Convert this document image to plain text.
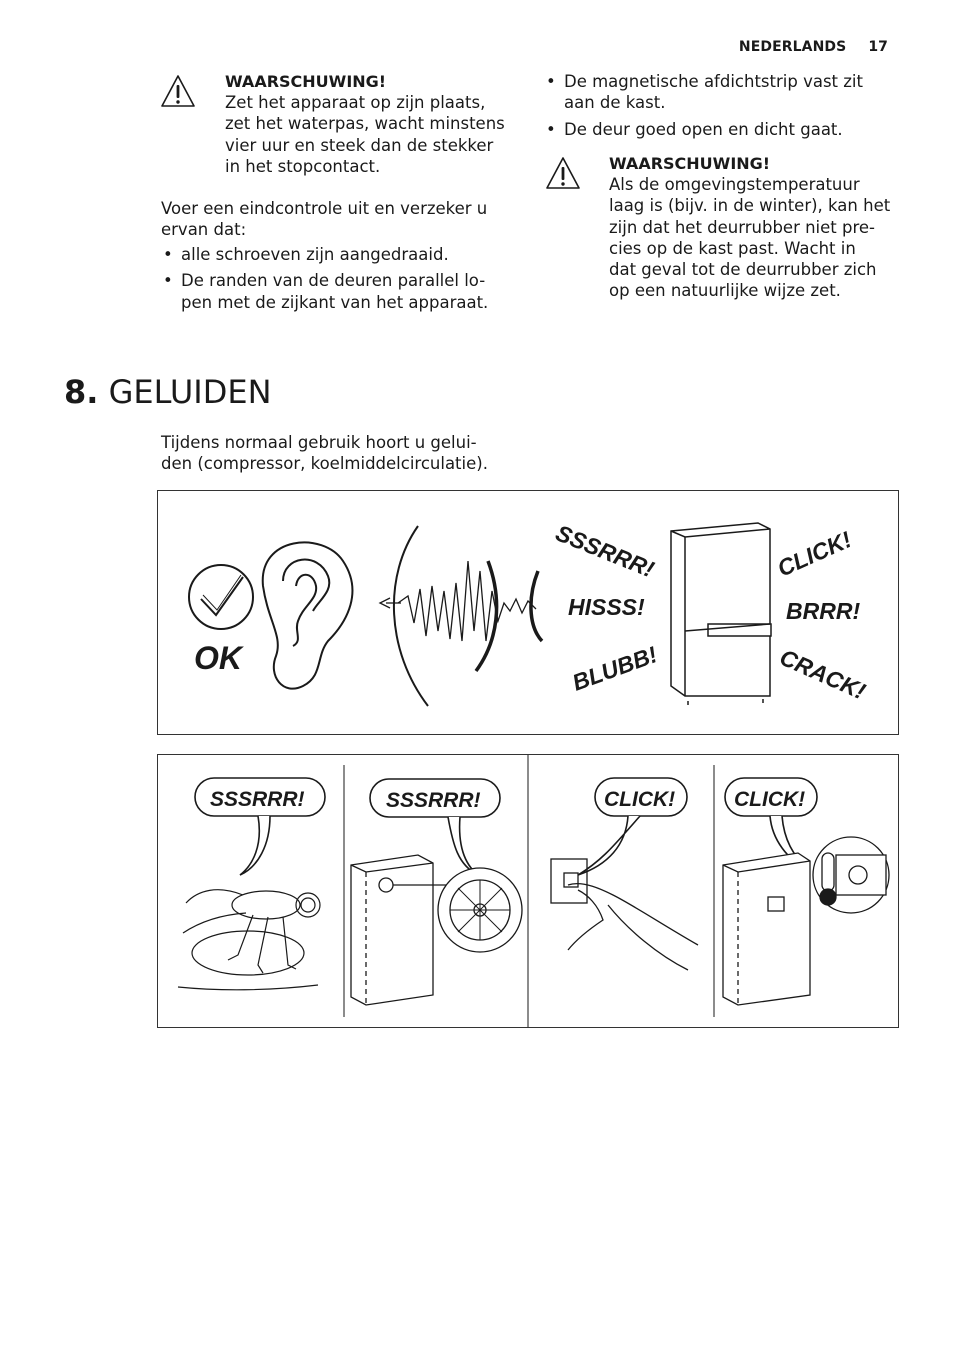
NEDERLANDS 17
WAARSCHUWING!
Zet het apparaat op zijn plaats,
zet het waterpas, wacht minstens
vier uur en steek dan de stekker
in het stopcontact.
Voer een eindcontrole uit en verzeker u
ervan dat:
• alle schroeven zijn aangedraaid.
• De randen van de deuren parallel lo-
pen met de zijkant van het apparaat.
• De magnetische afdichtstrip vast zit
aan de kast.
• De deur goed open en dicht gaat.
WAARSCHUWING!
Als de omgevingstemperatuur
laag is (bijv. in de winter), kan het
zijn dat het deurrubber niet pre-
cies op de kast past. Wacht in
dat geval tot de deurrubber zich
op een natuurlijke wijze zet.
8. GELUIDEN
Tijdens normaal gebruik hoort u gelui-
den (compressor, koelmiddelcirculatie).
OK
SSSRRR!
HISSS!
BLUBB!
CLICK!
BRRR!
CRACK!
SSSRRR!	SSSRRR!	CLICK!	CLICK!
